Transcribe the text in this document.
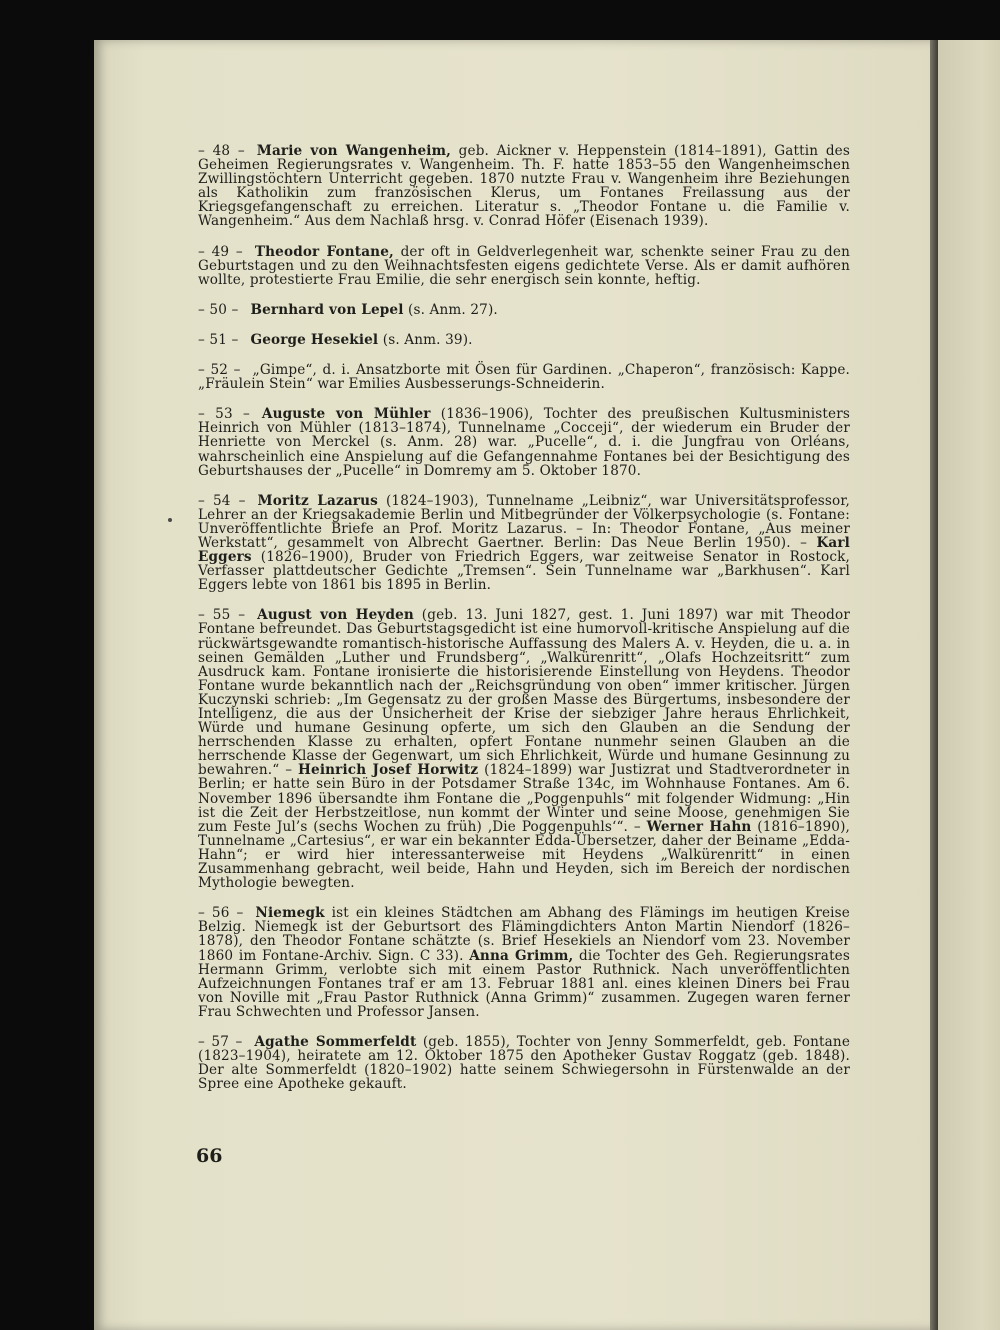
– 48 – Marie von Wangenheim, geb. Aickner v. Heppenstein (1814–1891), Gattin des Geheimen Regierungsrates v. Wangenheim. Th. F. hatte 1853–55 den Wangenheimschen Zwillingstöchtern Unterricht gegeben. 1870 nutzte Frau v. Wangenheim ihre Beziehungen als Katholikin zum französischen Klerus, um Fontanes Freilassung aus der Kriegsgefangenschaft zu erreichen. Literatur s. „Theodor Fontane u. die Familie v. Wangenheim.“ Aus dem Nachlaß hrsg. v. Conrad Höfer (Eisenach 1939).

– 49 – Theodor Fontane, der oft in Geldverlegenheit war, schenkte seiner Frau zu den Geburtstagen und zu den Weihnachtsfesten eigens gedichtete Verse. Als er damit aufhören wollte, protestierte Frau Emilie, die sehr energisch sein konnte, heftig.

– 50 – Bernhard von Lepel (s. Anm. 27).

– 51 – George Hesekiel (s. Anm. 39).

– 52 – „Gimpe“, d. i. Ansatzborte mit Ösen für Gardinen. „Chaperon“, französisch: Kappe. „Fräulein Stein“ war Emilies Ausbesserungs-Schneiderin.

– 53 – Auguste von Mühler (1836–1906), Tochter des preußischen Kultusministers Heinrich von Mühler (1813–1874), Tunnelname „Cocceji“, der wiederum ein Bruder der Henriette von Merckel (s. Anm. 28) war. „Pucelle“, d. i. die Jungfrau von Orléans, wahrscheinlich eine Anspielung auf die Gefangennahme Fontanes bei der Besichtigung des Geburtshauses der „Pucelle“ in Domremy am 5. Oktober 1870.

– 54 – Moritz Lazarus (1824–1903), Tunnelname „Leibniz“, war Universitätsprofessor, Lehrer an der Kriegsakademie Berlin und Mitbegründer der Völkerpsychologie (s. Fontane: Unveröffentlichte Briefe an Prof. Moritz Lazarus. – In: Theodor Fontane, „Aus meiner Werkstatt“, gesammelt von Albrecht Gaertner. Berlin: Das Neue Berlin 1950). – Karl Eggers (1826–1900), Bruder von Friedrich Eggers, war zeitweise Senator in Rostock, Verfasser plattdeutscher Gedichte „Tremsen“. Sein Tunnelname war „Barkhusen“. Karl Eggers lebte von 1861 bis 1895 in Berlin.

– 55 – August von Heyden (geb. 13. Juni 1827, gest. 1. Juni 1897) war mit Theodor Fontane befreundet. Das Geburtstagsgedicht ist eine humorvoll-kritische Anspielung auf die rückwärtsgewandte romantisch-historische Auffassung des Malers A. v. Heyden, die u. a. in seinen Gemälden „Luther und Frundsberg“, „Walkürenritt“, „Olafs Hochzeitsritt“ zum Ausdruck kam. Fontane ironisierte die historisierende Einstellung von Heydens. Theodor Fontane wurde bekanntlich nach der „Reichsgründung von oben“ immer kritischer. Jürgen Kuczynski schrieb: „Im Gegensatz zu der großen Masse des Bürgertums, insbesondere der Intelligenz, die aus der Unsicherheit der Krise der siebziger Jahre heraus Ehrlichkeit, Würde und humane Gesinung opferte, um sich den Glauben an die Sendung der herrschenden Klasse zu erhalten, opfert Fontane nunmehr seinen Glauben an die herrschende Klasse der Gegenwart, um sich Ehrlichkeit, Würde und humane Gesinnung zu bewahren.“ – Heinrich Josef Horwitz (1824–1899) war Justizrat und Stadtverordneter in Berlin; er hatte sein Büro in der Potsdamer Straße 134c, im Wohnhause Fontanes. Am 6. November 1896 übersandte ihm Fontane die „Poggenpuhls“ mit folgender Widmung: „Hin ist die Zeit der Herbstzeitlose, nun kommt der Winter und seine Moose, genehmigen Sie zum Feste Jul’s (sechs Wochen zu früh) ‚Die Poggenpuhls‘“. – Werner Hahn (1816–1890), Tunnelname „Cartesius“, er war ein bekannter Edda-Übersetzer, daher der Beiname „Edda-Hahn“; er wird hier interessanterweise mit Heydens „Walkürenritt“ in einen Zusammenhang gebracht, weil beide, Hahn und Heyden, sich im Bereich der nordischen Mythologie bewegten.

– 56 – Niemegk ist ein kleines Städtchen am Abhang des Flämings im heutigen Kreise Belzig. Niemegk ist der Geburtsort des Flämingdichters Anton Martin Niendorf (1826–1878), den Theodor Fontane schätzte (s. Brief Hesekiels an Niendorf vom 23. November 1860 im Fontane-Archiv. Sign. C 33). Anna Grimm, die Tochter des Geh. Regierungsrates Hermann Grimm, verlobte sich mit einem Pastor Ruthnick. Nach unveröffentlichten Aufzeichnungen Fontanes traf er am 13. Februar 1881 anl. eines kleinen Diners bei Frau von Noville mit „Frau Pastor Ruthnick (Anna Grimm)“ zusammen. Zugegen waren ferner Frau Schwechten und Professor Jansen.

– 57 – Agathe Sommerfeldt (geb. 1855), Tochter von Jenny Sommerfeldt, geb. Fontane (1823–1904), heiratete am 12. Oktober 1875 den Apotheker Gustav Roggatz (geb. 1848). Der alte Sommerfeldt (1820–1902) hatte seinem Schwiegersohn in Fürstenwalde an der Spree eine Apotheke gekauft.

66
